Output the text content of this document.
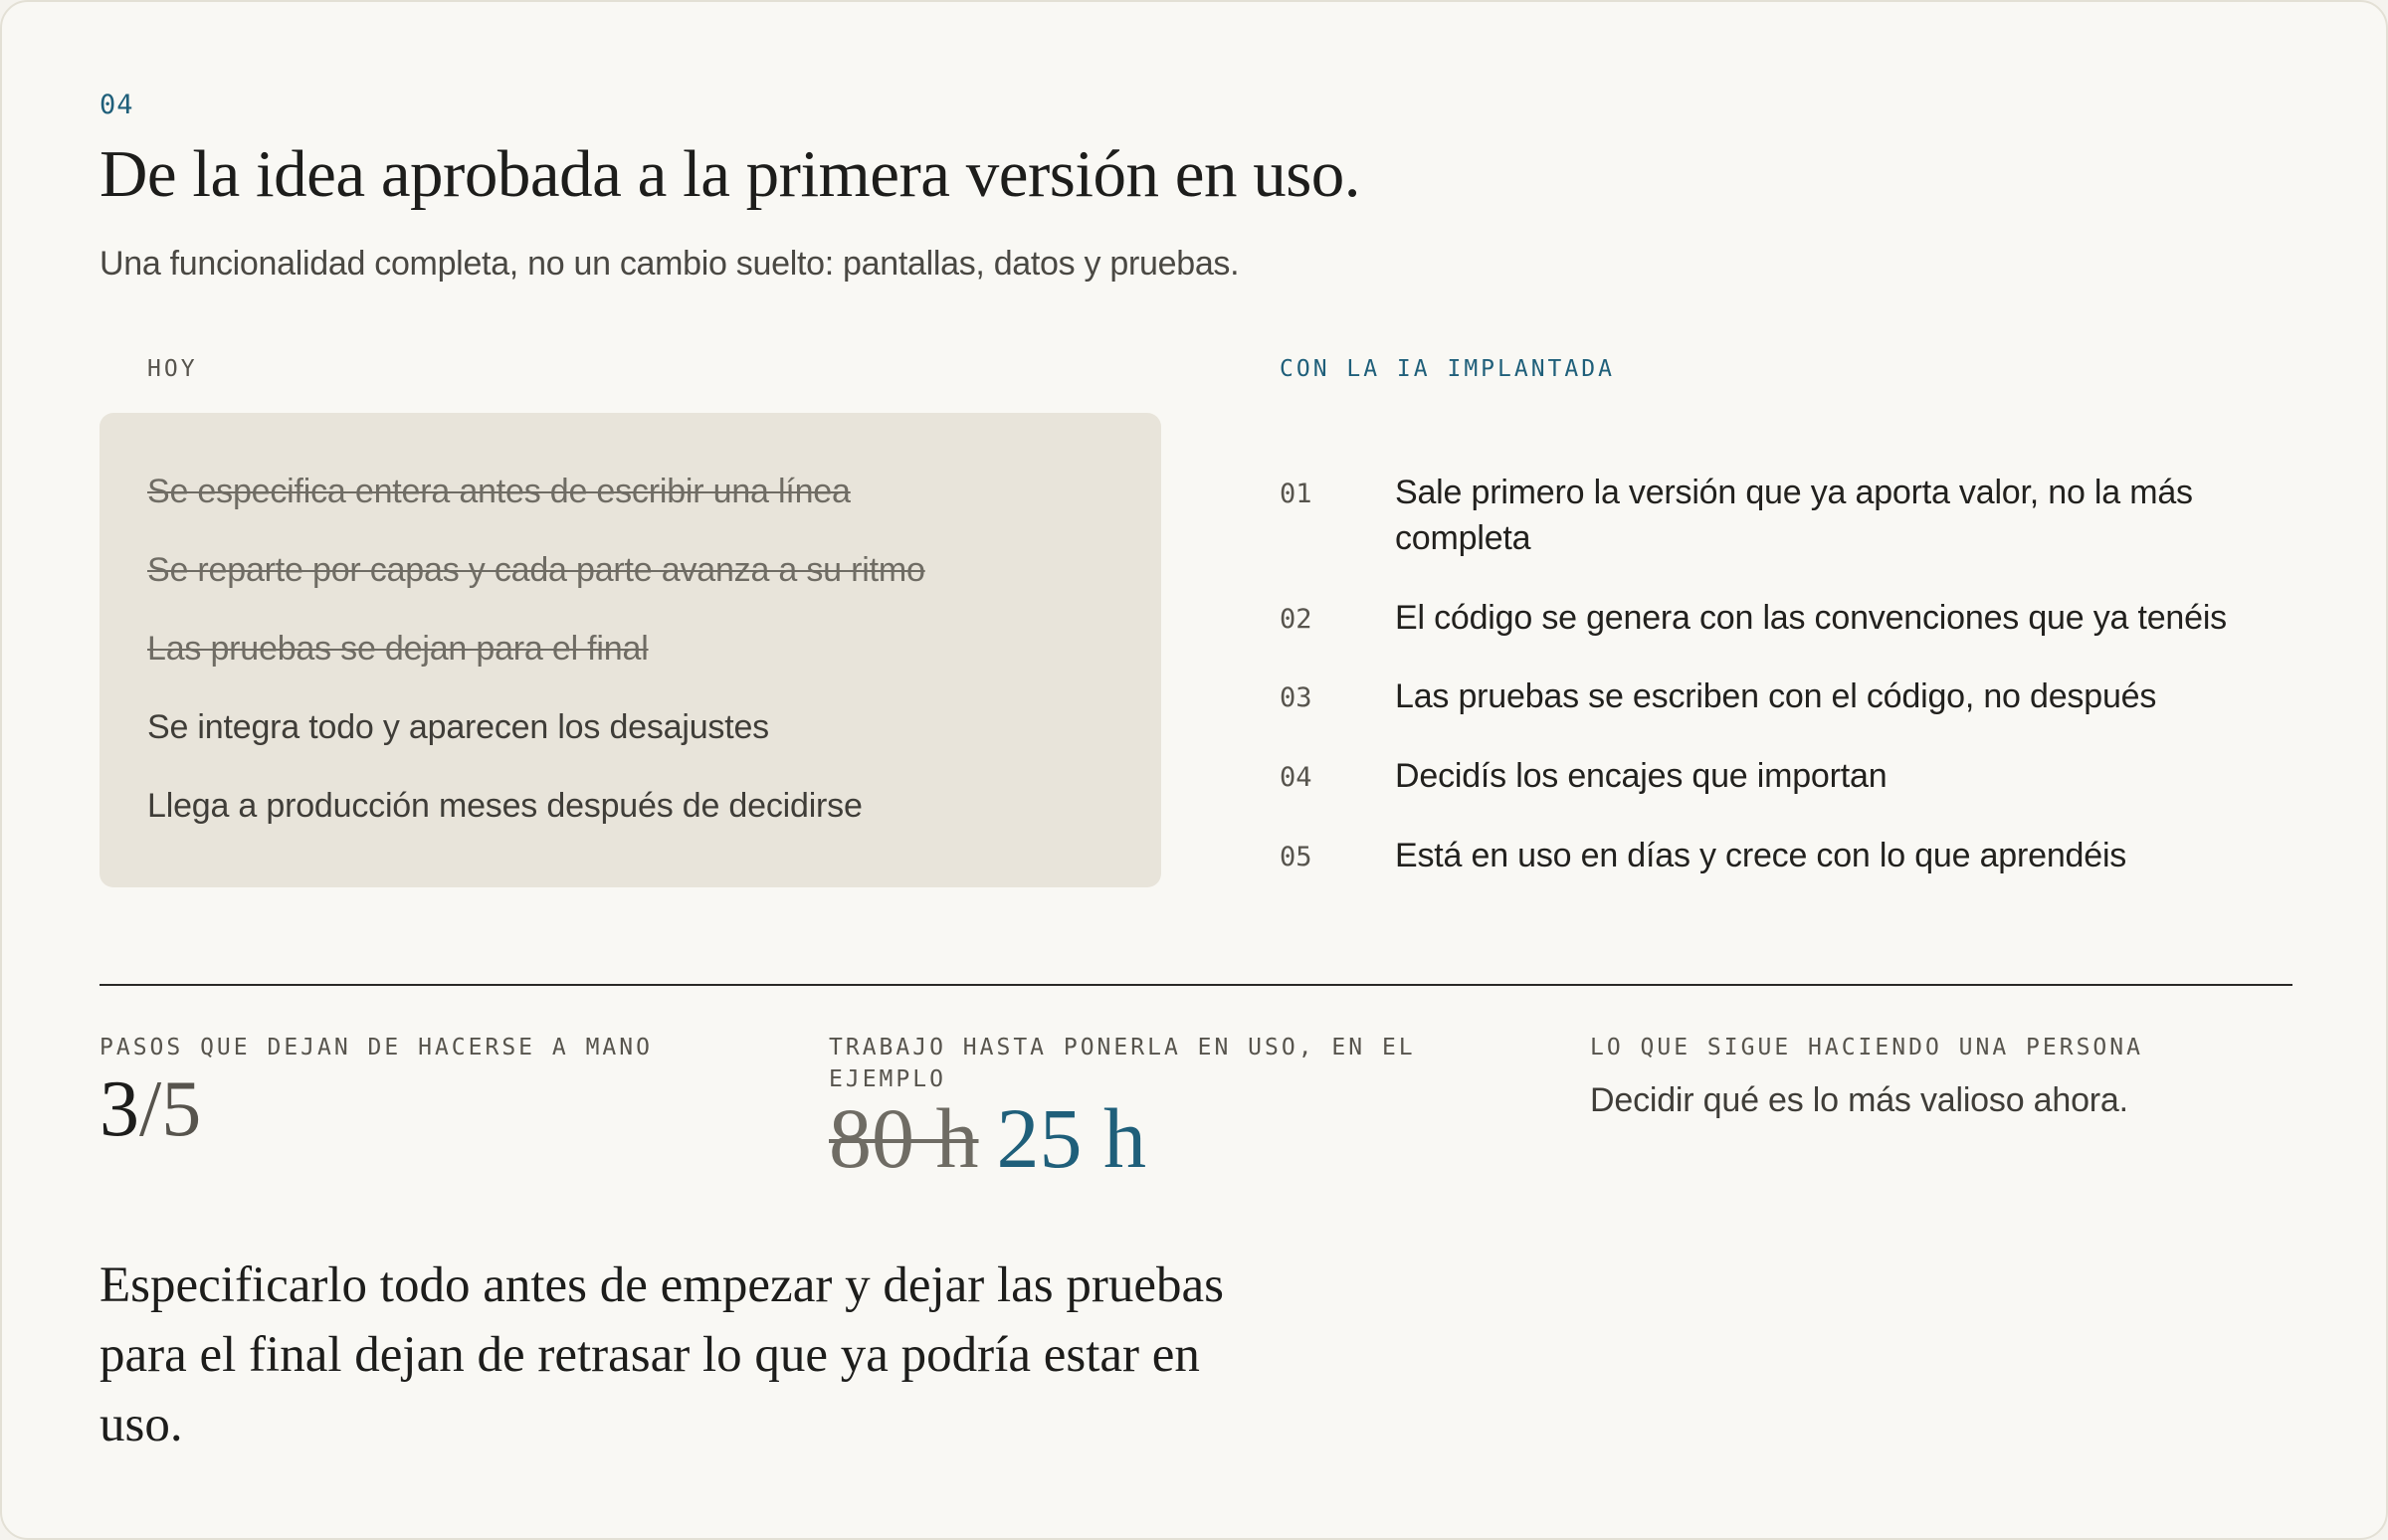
04
De la idea aprobada a la primera versión en uso.
Una funcionalidad completa, no un cambio suelto: pantallas, datos y pruebas.
HOY	CON LA IA IMPLANTADA
Se especifica entera antes de escribir una línea
Se reparte por capas y cada parte avanza a su ritmo
Las pruebas se dejan para el final
Se integra todo y aparecen los desajustes
Llega a producción meses después de decidirse
01 Sale primero la versión que ya aporta valor, no la más completa
02 El código se genera con las convenciones que ya tenéis
03 Las pruebas se escriben con el código, no después
04 Decidís los encajes que importan
05 Está en uso en días y crece con lo que aprendéis
PASOS QUE DEJAN DE HACERSE A MANO
3/5
TRABAJO HASTA PONERLA EN USO, EN EL EJEMPLO
80 h 25 h
LO QUE SIGUE HACIENDO UNA PERSONA
Decidir qué es lo más valioso ahora.
Especificarlo todo antes de empezar y dejar las pruebas para el final dejan de retrasar lo que ya podría estar en uso.
